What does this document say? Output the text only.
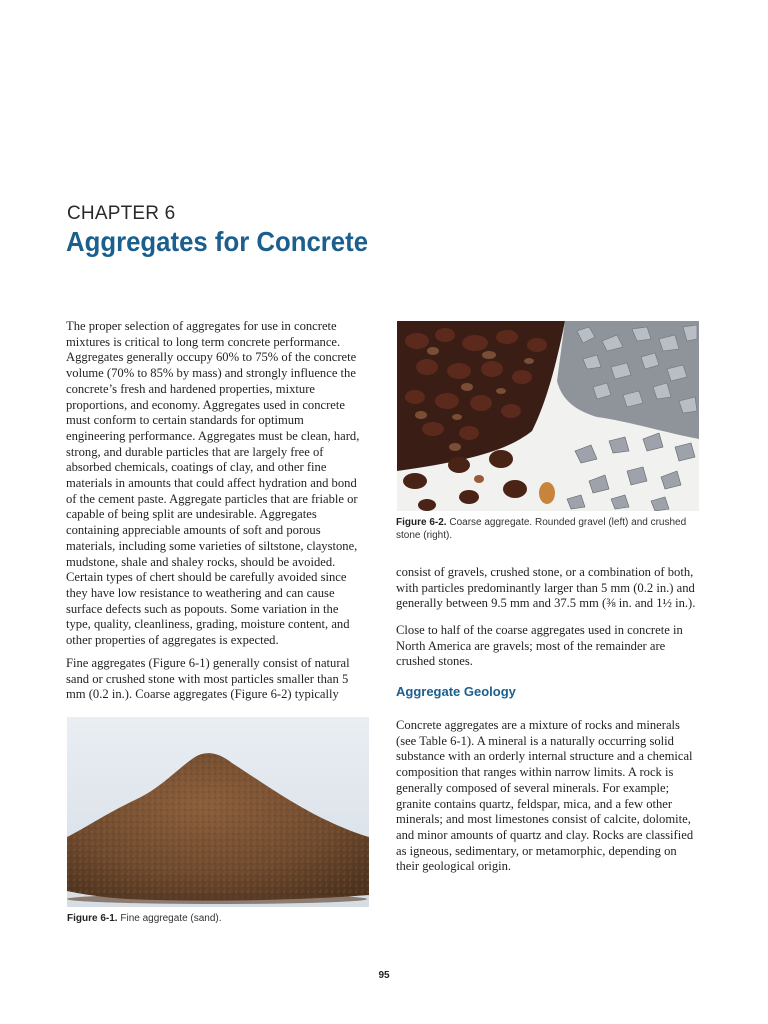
CHAPTER 6
Aggregates for Concrete

The proper selection of aggregates for use in concrete mixtures is critical to long term concrete performance. Aggregates generally occupy 60% to 75% of the concrete volume (70% to 85% by mass) and strongly influence the concrete’s fresh and hardened properties, mixture proportions, and economy. Aggregates used in concrete must conform to certain standards for optimum engineering performance. Aggregates must be clean, hard, strong, and durable particles that are largely free of absorbed chemicals, coatings of clay, and other fine materials in amounts that could affect hydration and bond of the cement paste. Aggregate particles that are friable or capable of being split are undesirable. Aggregates containing appreciable amounts of soft and porous materials, including some varieties of siltstone, claystone, mudstone, shale and shaley rocks, should be avoided. Certain types of chert should be carefully avoided since they have low resistance to weathering and can cause surface defects such as popouts. Some variation in the type, quality, cleanliness, grading, moisture content, and other properties of aggregates is expected.

Fine aggregates (Figure 6-1) generally consist of natural sand or crushed stone with most particles smaller than 5 mm (0.2 in.). Coarse aggregates (Figure 6-2) typically

Figure 6-1. Fine aggregate (sand).

Figure 6-2. Coarse aggregate. Rounded gravel (left) and crushed stone (right).

consist of gravels, crushed stone, or a combination of both, with particles predominantly larger than 5 mm (0.2 in.) and generally between 9.5 mm and 37.5 mm (⅜ in. and 1½ in.).

Close to half of the coarse aggregates used in concrete in North America are gravels; most of the remainder are crushed stones.

Aggregate Geology

Concrete aggregates are a mixture of rocks and minerals (see Table 6-1). A mineral is a naturally occurring solid substance with an orderly internal structure and a chemical composition that ranges within narrow limits. A rock is generally composed of several minerals. For example; granite contains quartz, feldspar, mica, and a few other minerals; and most limestones consist of calcite, dolomite, and minor amounts of quartz and clay. Rocks are classified as igneous, sedimentary, or metamorphic, depending on their geological origin.

95
